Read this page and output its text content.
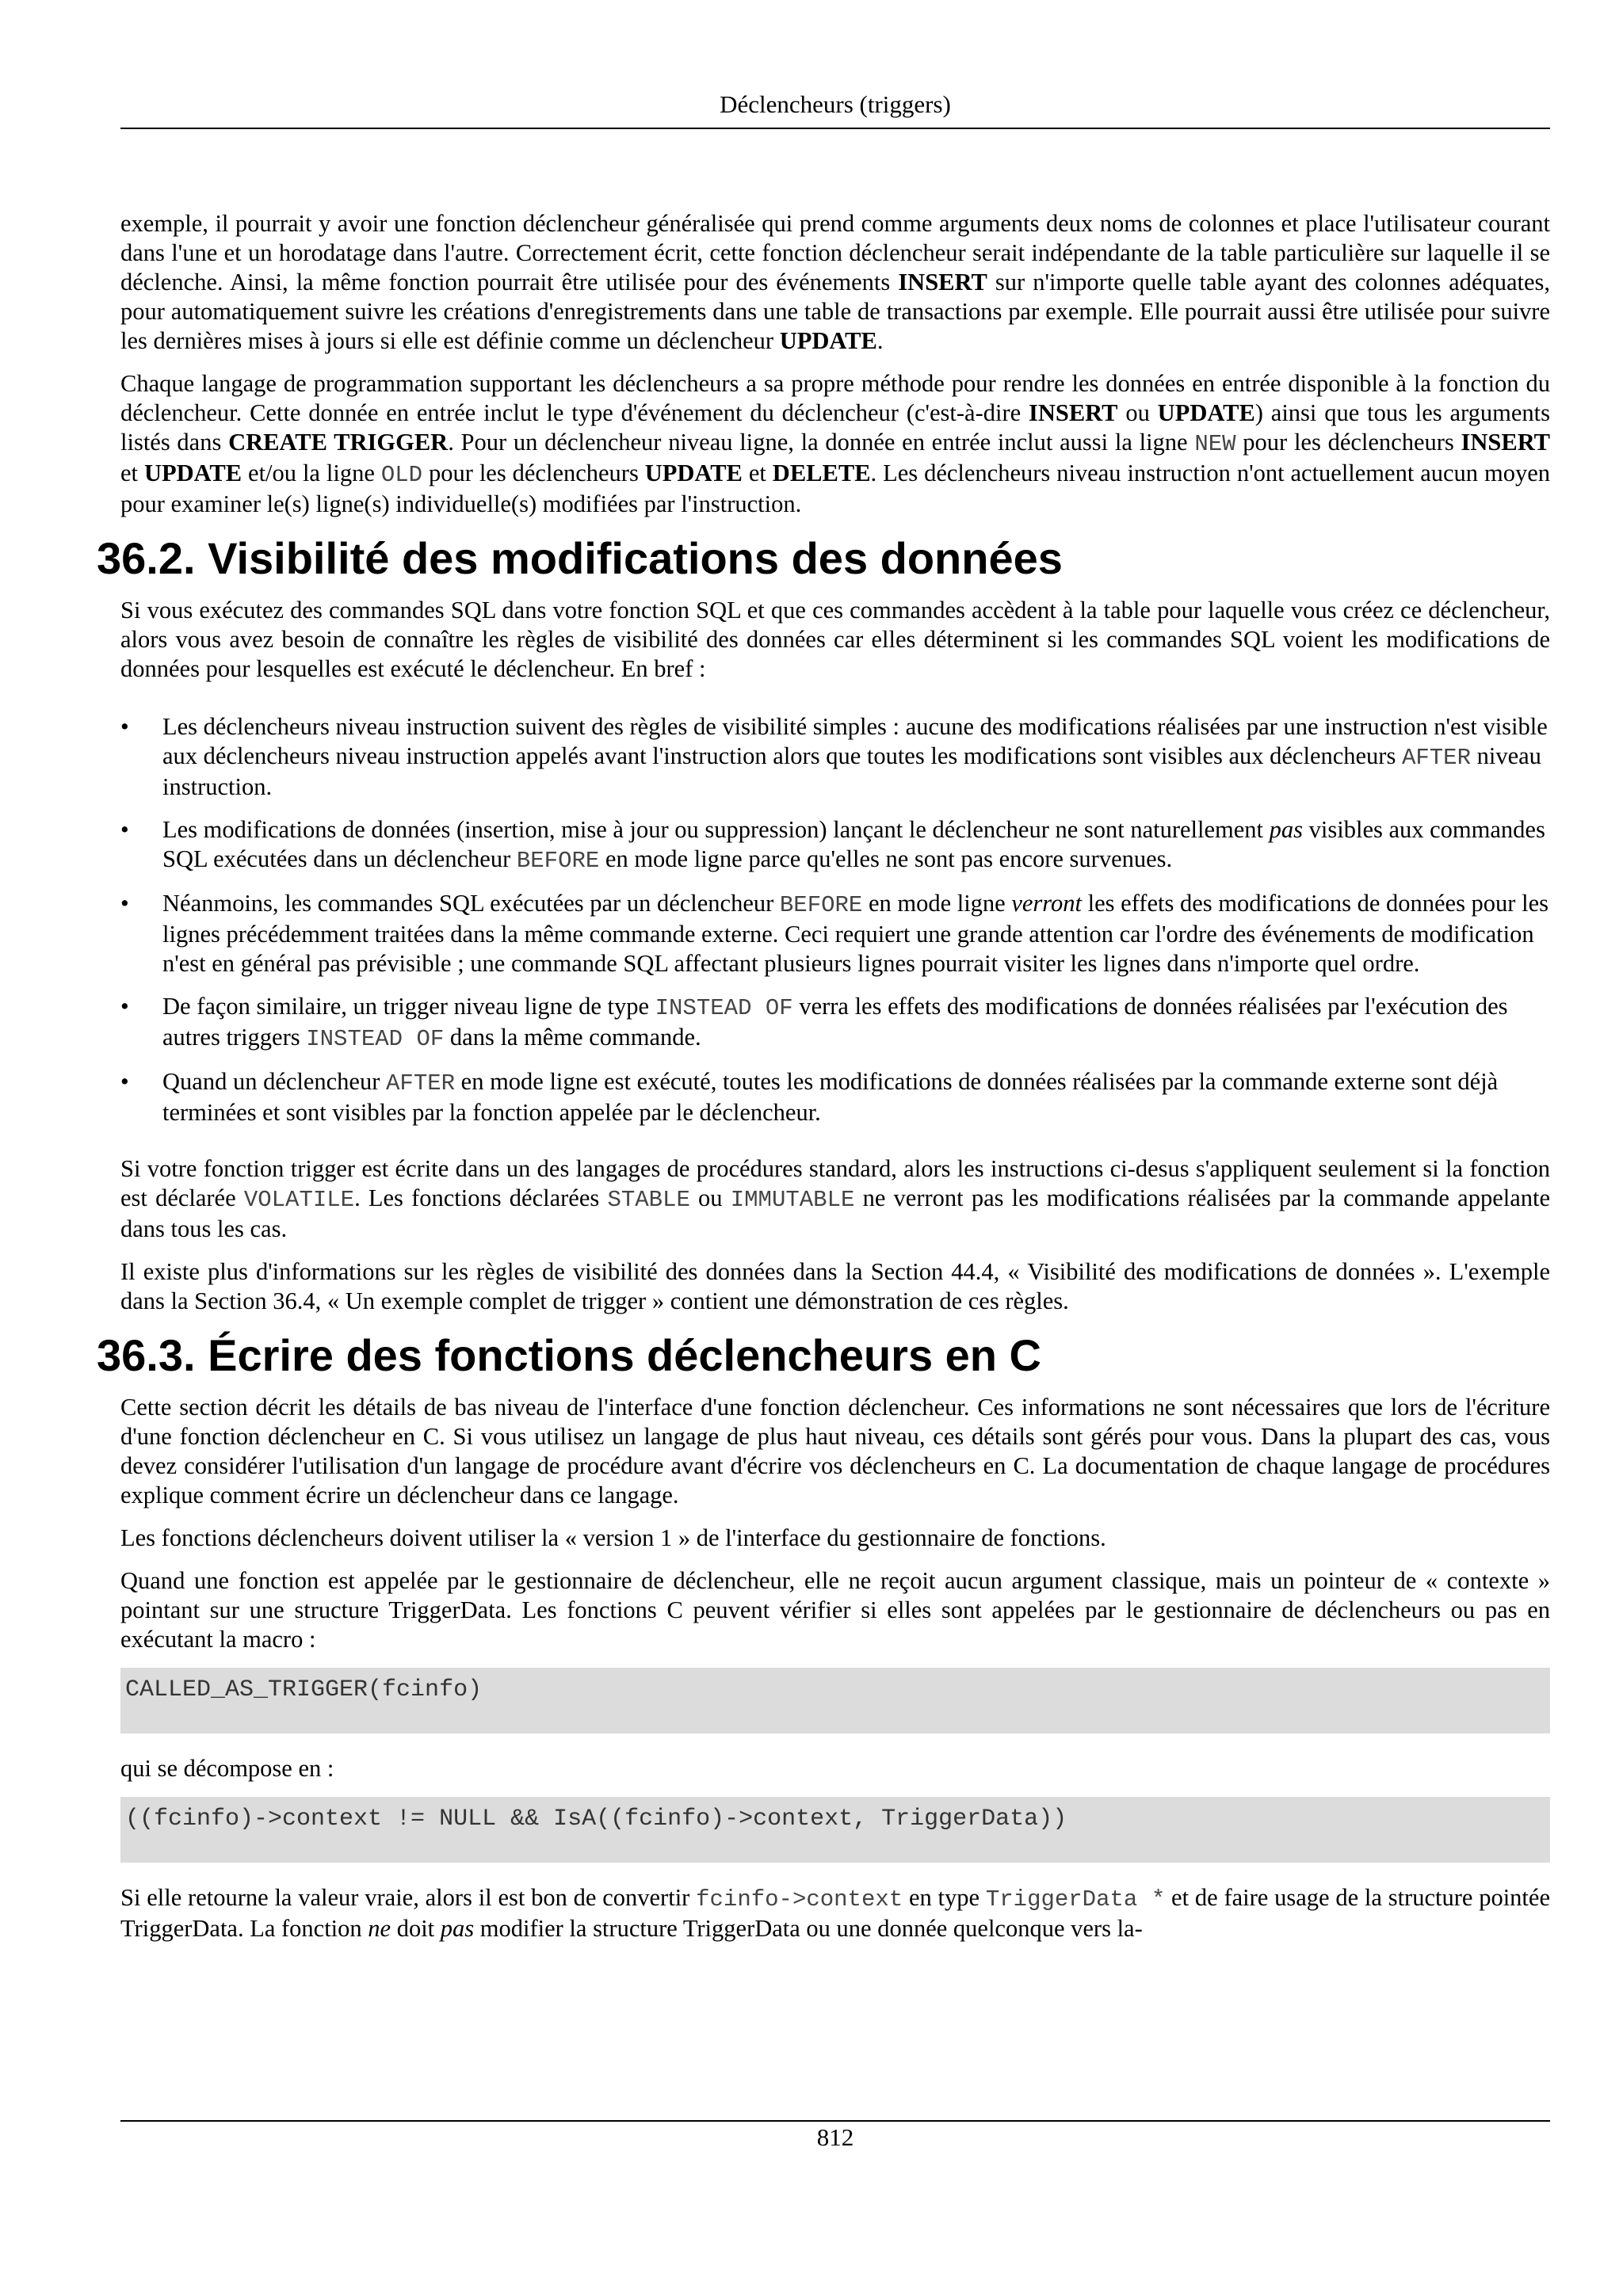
Déclencheurs (triggers)

exemple, il pourrait y avoir une fonction déclencheur généralisée qui prend comme arguments deux noms de colonnes et place l'utilisateur courant dans l'une et un horodatage dans l'autre. Correctement écrit, cette fonction déclencheur serait indépendante de la table particulière sur laquelle il se déclenche. Ainsi, la même fonction pourrait être utilisée pour des événements INSERT sur n'importe quelle table ayant des colonnes adéquates, pour automatiquement suivre les créations d'enregistrements dans une table de transactions par exemple. Elle pourrait aussi être utilisée pour suivre les dernières mises à jours si elle est définie comme un déclencheur UPDATE.

Chaque langage de programmation supportant les déclencheurs a sa propre méthode pour rendre les données en entrée disponible à la fonction du déclencheur. Cette donnée en entrée inclut le type d'événement du déclencheur (c'est-à-dire INSERT ou UPDATE) ainsi que tous les arguments listés dans CREATE TRIGGER. Pour un déclencheur niveau ligne, la donnée en entrée inclut aussi la ligne NEW pour les déclencheurs INSERT et UPDATE et/ou la ligne OLD pour les déclencheurs UPDATE et DELETE. Les déclencheurs niveau instruction n'ont actuellement aucun moyen pour examiner le(s) ligne(s) individuelle(s) modifiées par l'instruction.

36.2. Visibilité des modifications des données

Si vous exécutez des commandes SQL dans votre fonction SQL et que ces commandes accèdent à la table pour laquelle vous créez ce déclencheur, alors vous avez besoin de connaître les règles de visibilité des données car elles déterminent si les commandes SQL voient les modifications de données pour lesquelles est exécuté le déclencheur. En bref :

• Les déclencheurs niveau instruction suivent des règles de visibilité simples : aucune des modifications réalisées par une instruction n'est visible aux déclencheurs niveau instruction appelés avant l'instruction alors que toutes les modifications sont visibles aux déclencheurs AFTER niveau instruction.
• Les modifications de données (insertion, mise à jour ou suppression) lançant le déclencheur ne sont naturellement pas visibles aux commandes SQL exécutées dans un déclencheur BEFORE en mode ligne parce qu'elles ne sont pas encore survenues.
• Néanmoins, les commandes SQL exécutées par un déclencheur BEFORE en mode ligne verront les effets des modifications de données pour les lignes précédemment traitées dans la même commande externe. Ceci requiert une grande attention car l'ordre des événements de modification n'est en général pas prévisible ; une commande SQL affectant plusieurs lignes pourrait visiter les lignes dans n'importe quel ordre.
• De façon similaire, un trigger niveau ligne de type INSTEAD OF verra les effets des modifications de données réalisées par l'exécution des autres triggers INSTEAD OF dans la même commande.
• Quand un déclencheur AFTER en mode ligne est exécuté, toutes les modifications de données réalisées par la commande externe sont déjà terminées et sont visibles par la fonction appelée par le déclencheur.

Si votre fonction trigger est écrite dans un des langages de procédures standard, alors les instructions ci-desus s'appliquent seulement si la fonction est déclarée VOLATILE. Les fonctions déclarées STABLE ou IMMUTABLE ne verront pas les modifications réalisées par la commande appelante dans tous les cas.

Il existe plus d'informations sur les règles de visibilité des données dans la Section 44.4, « Visibilité des modifications de données ». L'exemple dans la Section 36.4, « Un exemple complet de trigger » contient une démonstration de ces règles.

36.3. Écrire des fonctions déclencheurs en C

Cette section décrit les détails de bas niveau de l'interface d'une fonction déclencheur. Ces informations ne sont nécessaires que lors de l'écriture d'une fonction déclencheur en C. Si vous utilisez un langage de plus haut niveau, ces détails sont gérés pour vous. Dans la plupart des cas, vous devez considérer l'utilisation d'un langage de procédure avant d'écrire vos déclencheurs en C. La documentation de chaque langage de procédures explique comment écrire un déclencheur dans ce langage.

Les fonctions déclencheurs doivent utiliser la « version 1 » de l'interface du gestionnaire de fonctions.

Quand une fonction est appelée par le gestionnaire de déclencheur, elle ne reçoit aucun argument classique, mais un pointeur de « contexte » pointant sur une structure TriggerData. Les fonctions C peuvent vérifier si elles sont appelées par le gestionnaire de déclencheurs ou pas en exécutant la macro :

CALLED_AS_TRIGGER(fcinfo)

qui se décompose en :

((fcinfo)->context != NULL && IsA((fcinfo)->context, TriggerData))

Si elle retourne la valeur vraie, alors il est bon de convertir fcinfo->context en type TriggerData * et de faire usage de la structure pointée TriggerData. La fonction ne doit pas modifier la structure TriggerData ou une donnée quelconque vers la-

812
